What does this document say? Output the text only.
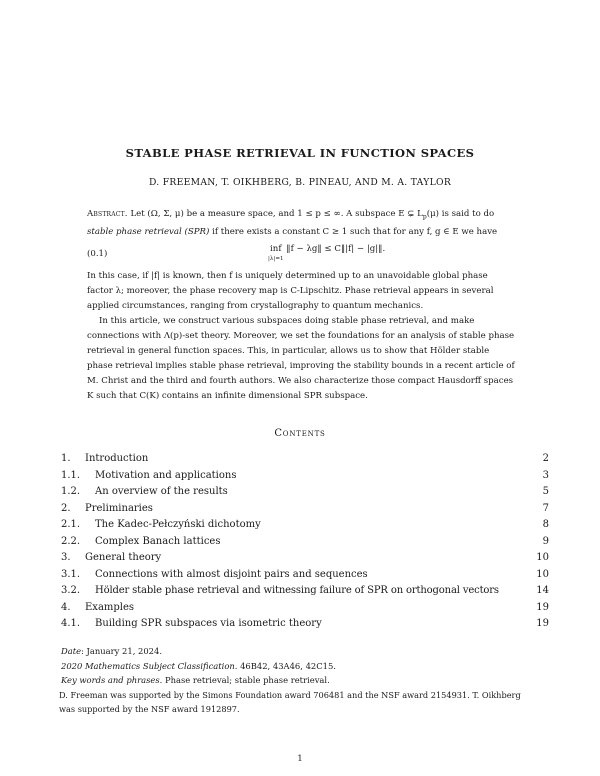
STABLE PHASE RETRIEVAL IN FUNCTION SPACES
D. FREEMAN, T. OIKHBERG, B. PINEAU, AND M. A. TAYLOR
Abstract. Let (Ω, Σ, μ) be a measure space, and 1 ≤ p ≤ ∞. A subspace E ⊊ $L_p(\mu)$ is said to do
stable phase retrieval (SPR) if there exists a constant C ≥ 1 such that for any f, g ∈ E we have
(0.1)	inf
|λ|=1
‖f − λg‖ ≤ C‖|f| − |g|‖.
In this case, if |f| is known, then f is uniquely determined up to an unavoidable global phase factor λ; moreover, the phase recovery map is C-Lipschitz. Phase retrieval appears in several applied circumstances, ranging from crystallography to quantum mechanics.
In this article, we construct various subspaces doing stable phase retrieval, and make connections with Λ(p)-set theory. Moreover, we set the foundations for an analysis of stable phase retrieval in general function spaces. This, in particular, allows us to show that Hölder stable phase retrieval implies stable phase retrieval, improving the stability bounds in a recent article of M. Christ and the third and fourth authors. We also characterize those compact Hausdorff spaces K such that C(K) contains an infinite dimensional SPR subspace.
Contents
1. Introduction	2
1.1. Motivation and applications	3
1.2. An overview of the results	5
2. Preliminaries	7
2.1. The Kadec-Pełczyński dichotomy	8
2.2. Complex Banach lattices	9
3. General theory	10
3.1. Connections with almost disjoint pairs and sequences	10
3.2. Hölder stable phase retrieval and witnessing failure of SPR on orthogonal vectors	14
4. Examples	19
4.1. Building SPR subspaces via isometric theory	19
Date: January 21, 2024.
2020 Mathematics Subject Classification. 46B42, 43A46, 42C15.
Key words and phrases. Phase retrieval; stable phase retrieval.
D. Freeman was supported by the Simons Foundation award 706481 and the NSF award 2154931. T. Oikhberg
was supported by the NSF award 1912897.
1
